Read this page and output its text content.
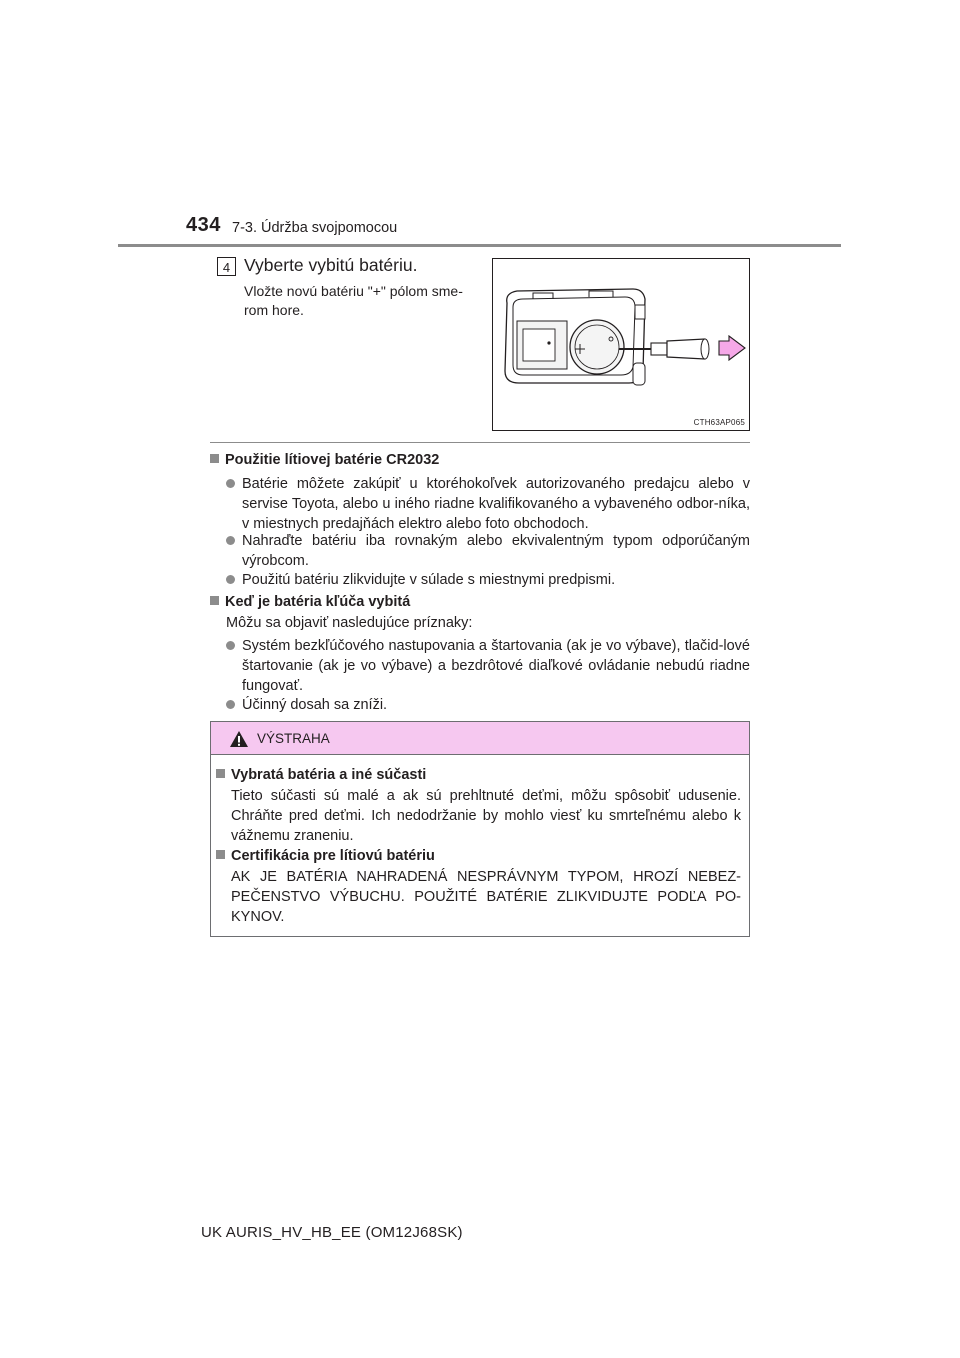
434 7-3. Údržba svojpomocou
4 Vyberte vybitú batériu.
Vložte novú batériu "+" pólom sme-rom hore.
CTH63AP065
Použitie lítiovej batérie CR2032
Batérie môžete zakúpiť u ktoréhokoľvek autorizovaného predajcu alebo v servise Toyota, alebo u iného riadne kvalifikovaného a vybaveného odbor-níka, v miestnych predajňách elektro alebo foto obchodoch.
Nahraďte batériu iba rovnakým alebo ekvivalentným typom odporúčaným výrobcom.
Použitú batériu zlikvidujte v súlade s miestnymi predpismi.
Keď je batéria kľúča vybitá
Môžu sa objaviť nasledujúce príznaky:
Systém bezkľúčového nastupovania a štartovania (ak je vo výbave), tlačid-lové štartovanie (ak je vo výbave) a bezdrôtové diaľkové ovládanie nebudú riadne fungovať.
Účinný dosah sa zníži.
VÝSTRAHA
Vybratá batéria a iné súčasti
Tieto súčasti sú malé a ak sú prehltnuté deťmi, môžu spôsobiť udusenie. Chráňte pred deťmi. Ich nedodržanie by mohlo viesť ku smrteľnému alebo k vážnemu zraneniu.
Certifikácia pre lítiovú batériu
AK JE BATÉRIA NAHRADENÁ NESPRÁVNYM TYPOM, HROZÍ NEBEZ-PEČENSTVO VÝBUCHU. POUŽITÉ BATÉRIE ZLIKVIDUJTE PODĽA PO-KYNOV.
UK AURIS_HV_HB_EE (OM12J68SK)
